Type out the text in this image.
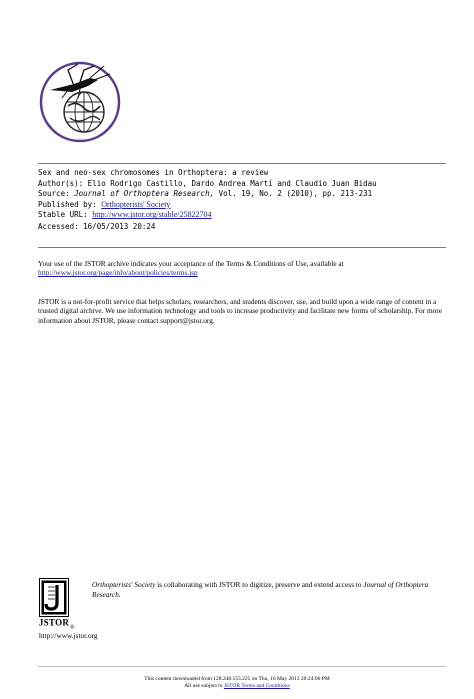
Sex and neo-sex chromosomes in Orthoptera: a review
Author(s): Elio Rodrigo Castillo, Dardo Andrea Martí and Claudio Juan Bidau
Source: Journal of Orthoptera Research, Vol. 19, No. 2 (2010), pp. 213-231
Published by: Orthopterists' Society
Stable URL: http://www.jstor.org/stable/25822704
Accessed: 16/05/2013 20:24
Your use of the JSTOR archive indicates your acceptance of the Terms & Conditions of Use, available at
http://www.jstor.org/page/info/about/policies/terms.jsp
JSTOR is a not-for-profit service that helps scholars, researchers, and students discover, use, and build upon a wide range of content in a trusted digital archive. We use information technology and tools to increase productivity and facilitate new forms of scholarship. For more information about JSTOR, please contact support@jstor.org.
JSTOR
®
http://www.jstor.org
Orthopterists' Society is collaborating with JSTOR to digitize, preserve and extend access to Journal of Orthoptera Research.
This content downloaded from 128.248.155.225 on Thu, 16 May 2013 20:24:06 PM
All use subject to JSTOR Terms and Conditions
